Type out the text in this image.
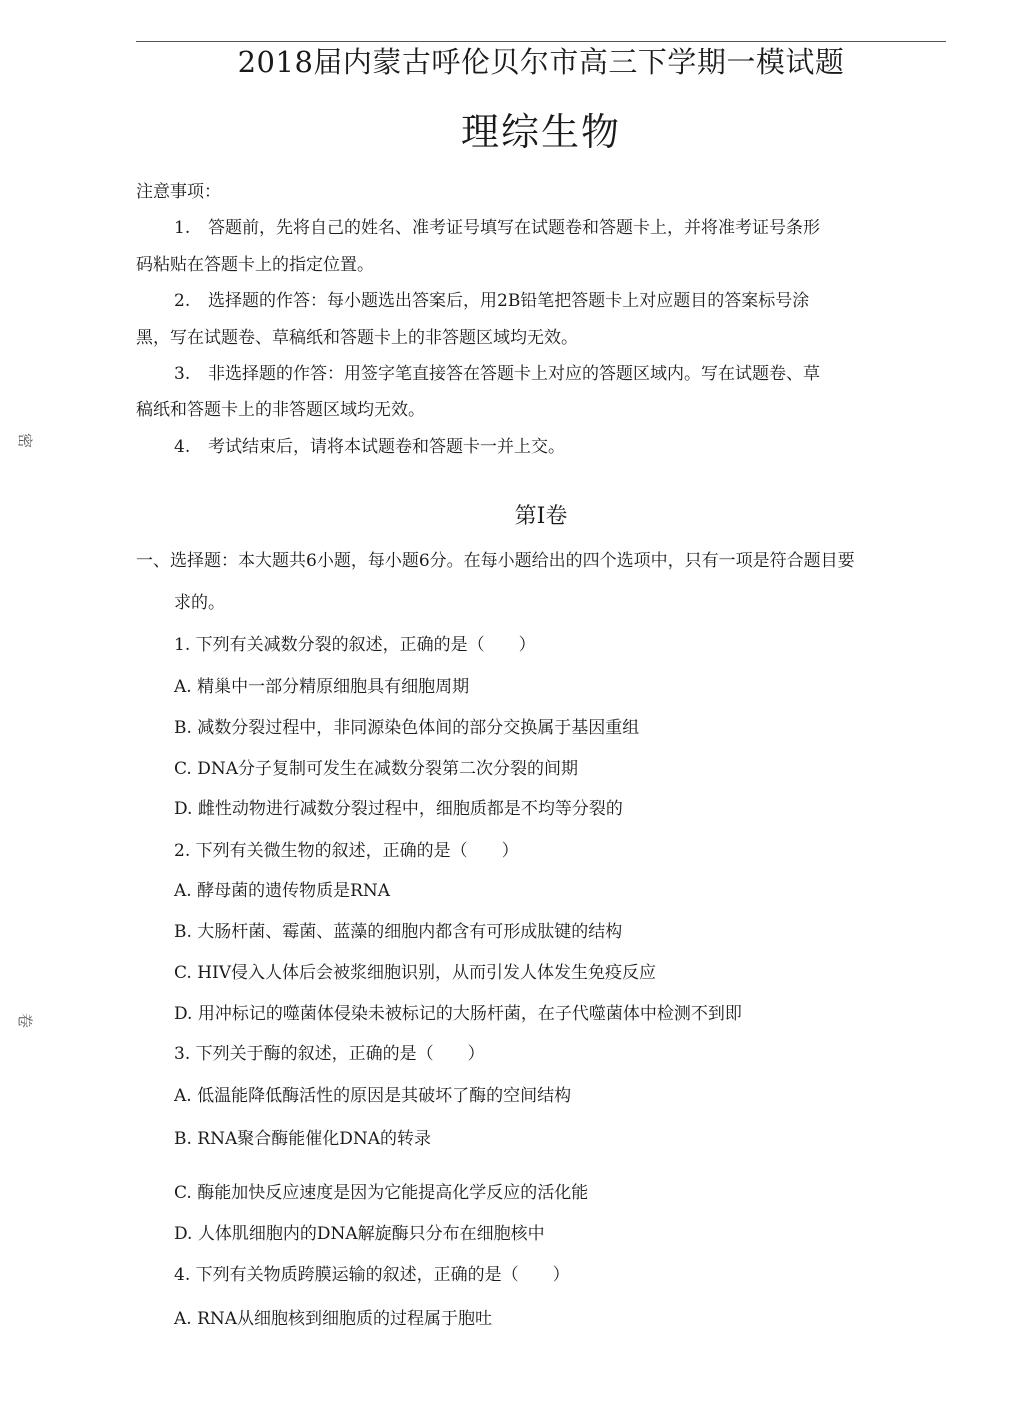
2018届内蒙古呼伦贝尔市高三下学期一模试题
理综生物
注意事项：
1. 答题前，先将自己的姓名、准考证号填写在试题卷和答题卡上，并将准考证号条形
码粘贴在答题卡上的指定位置。
2. 选择题的作答：每小题选出答案后，用2B铅笔把答题卡上对应题目的答案标号涂
黑，写在试题卷、草稿纸和答题卡上的非答题区域均无效。
3. 非选择题的作答：用签字笔直接答在答题卡上对应的答题区域内。写在试题卷、草
稿纸和答题卡上的非答题区域均无效。
4. 考试结束后，请将本试题卷和答题卡一并上交。
第Ⅰ卷
一、选择题：本大题共6小题，每小题6分。在每小题给出的四个选项中，只有一项是符合题目要
求的。
1. 下列有关减数分裂的叙述，正确的是（　　）
A. 精巢中一部分精原细胞具有细胞周期
B. 减数分裂过程中，非同源染色体间的部分交换属于基因重组
C. DNA分子复制可发生在减数分裂第二次分裂的间期
D. 雌性动物进行减数分裂过程中，细胞质都是不均等分裂的
2. 下列有关微生物的叙述，正确的是（　　）
A. 酵母菌的遗传物质是RNA
B. 大肠杆菌、霉菌、蓝藻的细胞内都含有可形成肽键的结构
C. HIV侵入人体后会被浆细胞识别，从而引发人体发生免疫反应
D. 用冲标记的噬菌体侵染未被标记的大肠杆菌，在子代噬菌体中检测不到即
3. 下列关于酶的叙述，正确的是（　　）
A. 低温能降低酶活性的原因是其破坏了酶的空间结构
B. RNA聚合酶能催化DNA的转录
C. 酶能加快反应速度是因为它能提高化学反应的活化能
D. 人体肌细胞内的DNA解旋酶只分布在细胞核中
4. 下列有关物质跨膜运输的叙述，正确的是（　　）
A. RNA从细胞核到细胞质的过程属于胞吐
密
卷
